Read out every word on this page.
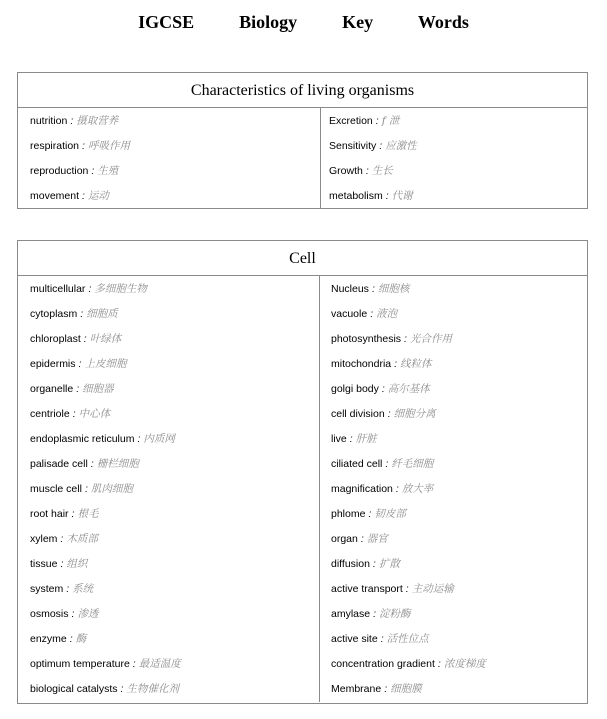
IGCSE  Biology  Key  Words
Characteristics of living organisms
nutrition : 摄取营养
respiration : 呼吸作用
reproduction : 生殖
movement : 运动
Excretion : f 泄
Sensitivity : 应激性
Growth : 生长
metabolism : 代谢
Cell
multicellular : 多细胞生物
cytoplasm : 细胞质
chloroplast : 叶绿体
epidermis : 上皮细胞
organelle : 细胞器
centriole : 中心体
endoplasmic reticulum : 内质网
palisade cell : 栅栏细胞
muscle cell : 肌肉细胞
root hair : 根毛
xylem : 木质部
tissue : 组织
system : 系统
osmosis : 渗透
enzyme : 酶
optimum temperature : 最适温度
biological catalysts : 生物催化剂
Nucleus : 细胞核
vacuole : 液泡
photosynthesis : 光合作用
mitochondria : 线粒体
golgi body : 高尔基体
cell division : 细胞分离
live : 肝脏
ciliated cell : 纤毛细胞
magnification : 放大率
phlome : 韧皮部
organ : 器官
diffusion : 扩散
active transport : 主动运输
amylase : 淀粉酶
active site : 活性位点
concentration gradient : 浓度梯度
Membrane : 细胞膜
